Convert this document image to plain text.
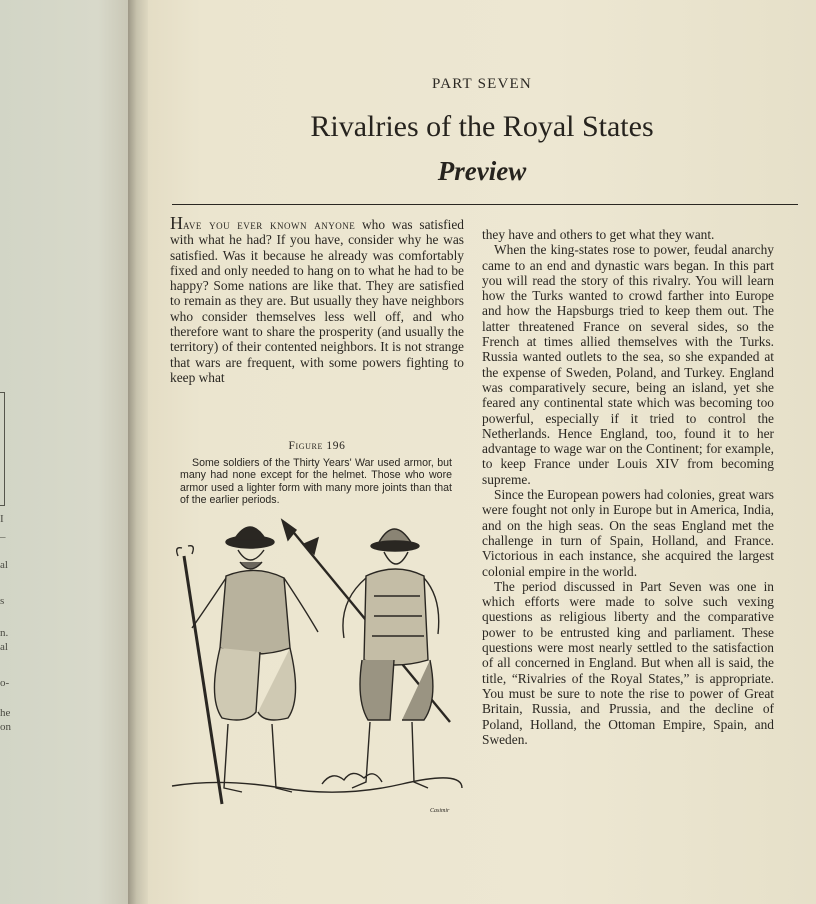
I
–
al
s
n.
al
o-
he
on
PART SEVEN
Rivalries of the Royal States
Preview

Have you ever known anyone who was satisfied with what he had? If you have, consider why he was satisfied. Was it because he already was comfortably fixed and only needed to hang on to what he had to be happy? Some nations are like that. They are satisfied to remain as they are. But usually they have neighbors who consider themselves less well off, and who therefore want to share the prosperity (and usually the territory) of their contented neighbors. It is not strange that wars are frequent, with some powers fighting to keep what

Figure 196

Some soldiers of the Thirty Years' War used armor, but many had none except for the helmet. Those who wore armor used a lighter form with many more joints than that of the earlier periods.

Casimir

they have and others to get what they want.

When the king-states rose to power, feudal anarchy came to an end and dynastic wars began. In this part you will read the story of this rivalry. You will learn how the Turks wanted to crowd farther into Europe and how the Hapsburgs tried to keep them out. The latter threatened France on several sides, so the French at times allied themselves with the Turks. Russia wanted outlets to the sea, so she expanded at the expense of Sweden, Poland, and Turkey. England was comparatively secure, being an island, yet she feared any continental state which was becoming too powerful, especially if it tried to control the Netherlands. Hence England, too, found it to her advantage to wage war on the Continent; for example, to keep France under Louis XIV from becoming supreme.

Since the European powers had colonies, great wars were fought not only in Europe but in America, India, and on the high seas. On the seas England met the challenge in turn of Spain, Holland, and France. Victorious in each instance, she acquired the largest colonial empire in the world.

The period discussed in Part Seven was one in which efforts were made to solve such vexing questions as religious liberty and the comparative power to be entrusted king and parliament. These questions were most nearly settled to the satisfaction of all concerned in England. But when all is said, the title, “Rivalries of the Royal States,” is appropriate. You must be sure to note the rise to power of Great Britain, Russia, and Prussia, and the decline of Poland, Holland, the Ottoman Empire, Spain, and Sweden.
